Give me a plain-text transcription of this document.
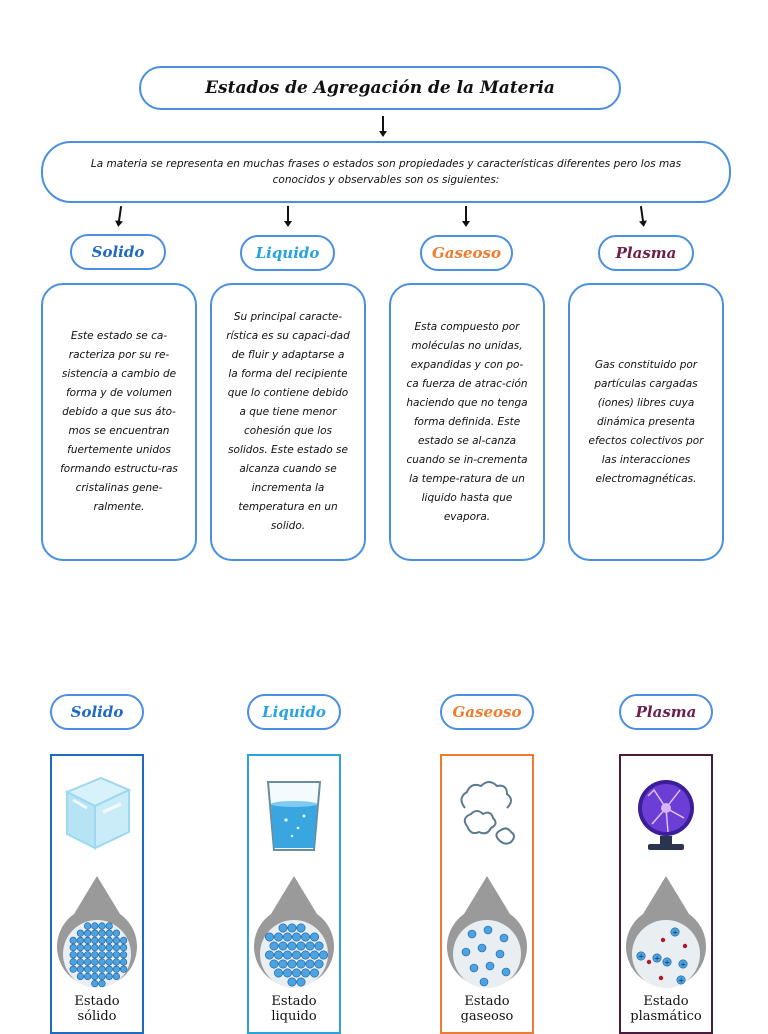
Estados de Agregación de la Materia
La materia se representa en muchas frases o estados son propiedades y características diferentes pero los mas conocidos y observables son os siguientes:
Solido	Liquido	Gaseoso	Plasma
Este estado se ca-racteriza por su re-sistencia a cambio de forma y de volumen debido a que sus áto-mos se encuentran fuertemente unidos formando estructu-ras cristalinas gene-ralmente.
Su principal caracte-rística es su capaci-dad de fluir y adaptarse a la forma del recipiente que lo contiene debido a que tiene menor cohesión que los solidos. Este estado se alcanza cuando se incrementa la temperatura en un solido.
Esta compuesto por moléculas no unidas, expandidas y con po-ca fuerza de atrac-ción haciendo que no tenga forma definida. Este estado se al-canza cuando se in-crementa la tempe-ratura de un liquido hasta que evapora.
Gas constituido por partículas cargadas (iones) libres cuya dinámica presenta efectos colectivos por las interacciones electromagnéticas.
Solido	Liquido	Gaseoso	Plasma
Estado
sólido
Estado
liquido
Estado
gaseoso
+
+ + +
+
+
Estado
plasmático
